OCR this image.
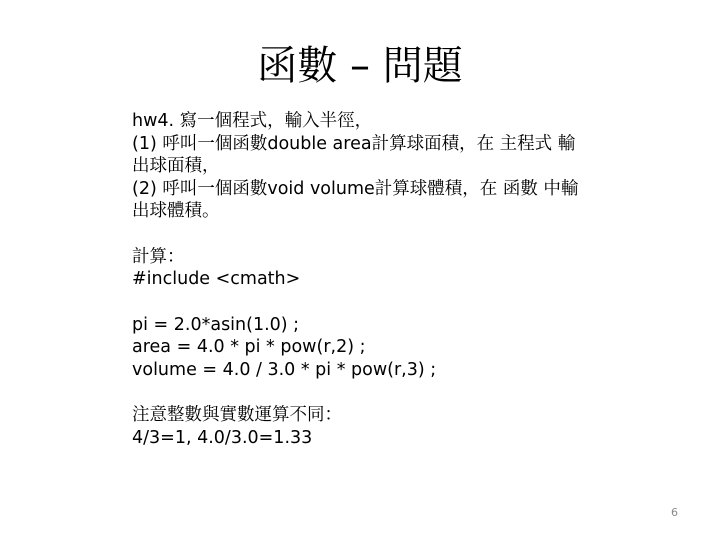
函數 – 問題
hw4. 寫一個程式，輸入半徑，
(1) 呼叫一個函數double area計算球面積，在 主程式 輸
出球面積，
(2) 呼叫一個函數void volume計算球體積，在 函數 中輸
出球體積。
計算：
#include <cmath>
pi = 2.0*asin(1.0) ;
area = 4.0 * pi * pow(r,2) ;
volume = 4.0 / 3.0 * pi * pow(r,3) ;
注意整數與實數運算不同：
4/3=1, 4.0/3.0=1.33
6
